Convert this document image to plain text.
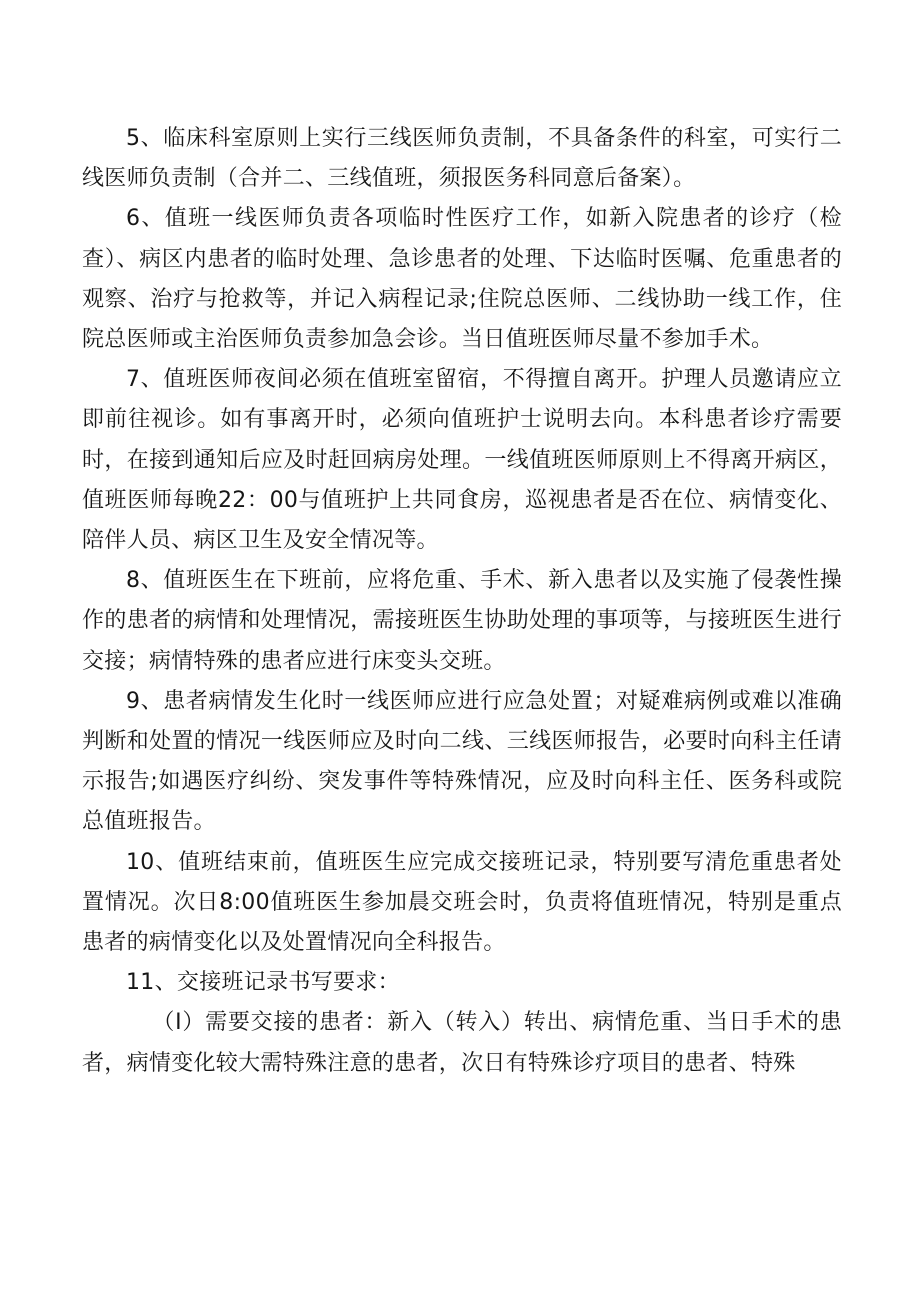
5、临床科室原则上实行三线医师负责制，不具备条件的科室，可实行二线医师负责制（合并二、三线值班，须报医务科同意后备案）。

6、值班一线医师负责各项临时性医疗工作，如新入院患者的诊疗（检查）、病区内患者的临时处理、急诊患者的处理、下达临时医嘱、危重患者的观察、治疗与抢救等，并记入病程记录;住院总医师、二线协助一线工作，住院总医师或主治医师负责参加急会诊。当日值班医师尽量不参加手术。

7、值班医师夜间必须在值班室留宿，不得擅自离开。护理人员邀请应立即前往视诊。如有事离开时，必须向值班护士说明去向。本科患者诊疗需要时，在接到通知后应及时赶回病房处理。一线值班医师原则上不得离开病区，值班医师每晚22：00与值班护上共同食房，巡视患者是否在位、病情变化、陪伴人员、病区卫生及安全情况等。

8、值班医生在下班前，应将危重、手术、新入患者以及实施了侵袭性操作的患者的病情和处理情况，需接班医生协助处理的事项等，与接班医生进行交接；病情特殊的患者应进行床变头交班。

9、患者病情发生化时一线医师应进行应急处置；对疑难病例或难以准确判断和处置的情况一线医师应及时向二线、三线医师报告，必要时向科主任请示报告;如遇医疗纠纷、突发事件等特殊情况，应及时向科主任、医务科或院总值班报告。

10、值班结束前，值班医生应完成交接班记录，特别要写清危重患者处置情况。次日8:00值班医生参加晨交班会时，负责将值班情况，特别是重点患者的病情变化以及处置情况向全科报告。

11、交接班记录书写要求：

（I）需要交接的患者：新入（转入）转出、病情危重、当日手术的患者，病情变化较大需特殊注意的患者，次日有特殊诊疗项目的患者、特殊
